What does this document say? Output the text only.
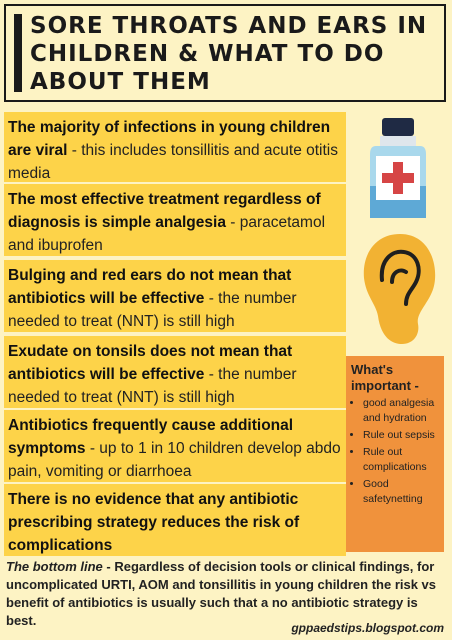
SORE THROATS AND EARS IN CHILDREN & WHAT TO DO ABOUT THEM
The majority of infections in young children are viral - this includes tonsillitis and acute otitis media
The most effective treatment regardless of diagnosis is simple analgesia - paracetamol and ibuprofen
Bulging and red ears do not mean that antibiotics will be effective - the number needed to treat (NNT) is still high
Exudate on tonsils does not mean that antibiotics will be effective - the number needed to treat (NNT) is still high
Antibiotics frequently cause additional symptoms - up to 1 in 10 children develop abdo pain, vomiting or diarrhoea
There is no evidence that any antibiotic prescribing strategy reduces the risk of complications
What's important -
• good analgesia and hydration
• Rule out sepsis
• Rule out complications
• Good safetynetting
The bottom line - Regardless of decision tools or clinical findings, for uncomplicated URTI, AOM and tonsillitis in young children the risk vs benefit of antibiotics is usually such that a no antibiotic strategy is best.	gppaedstips.blogspot.com
